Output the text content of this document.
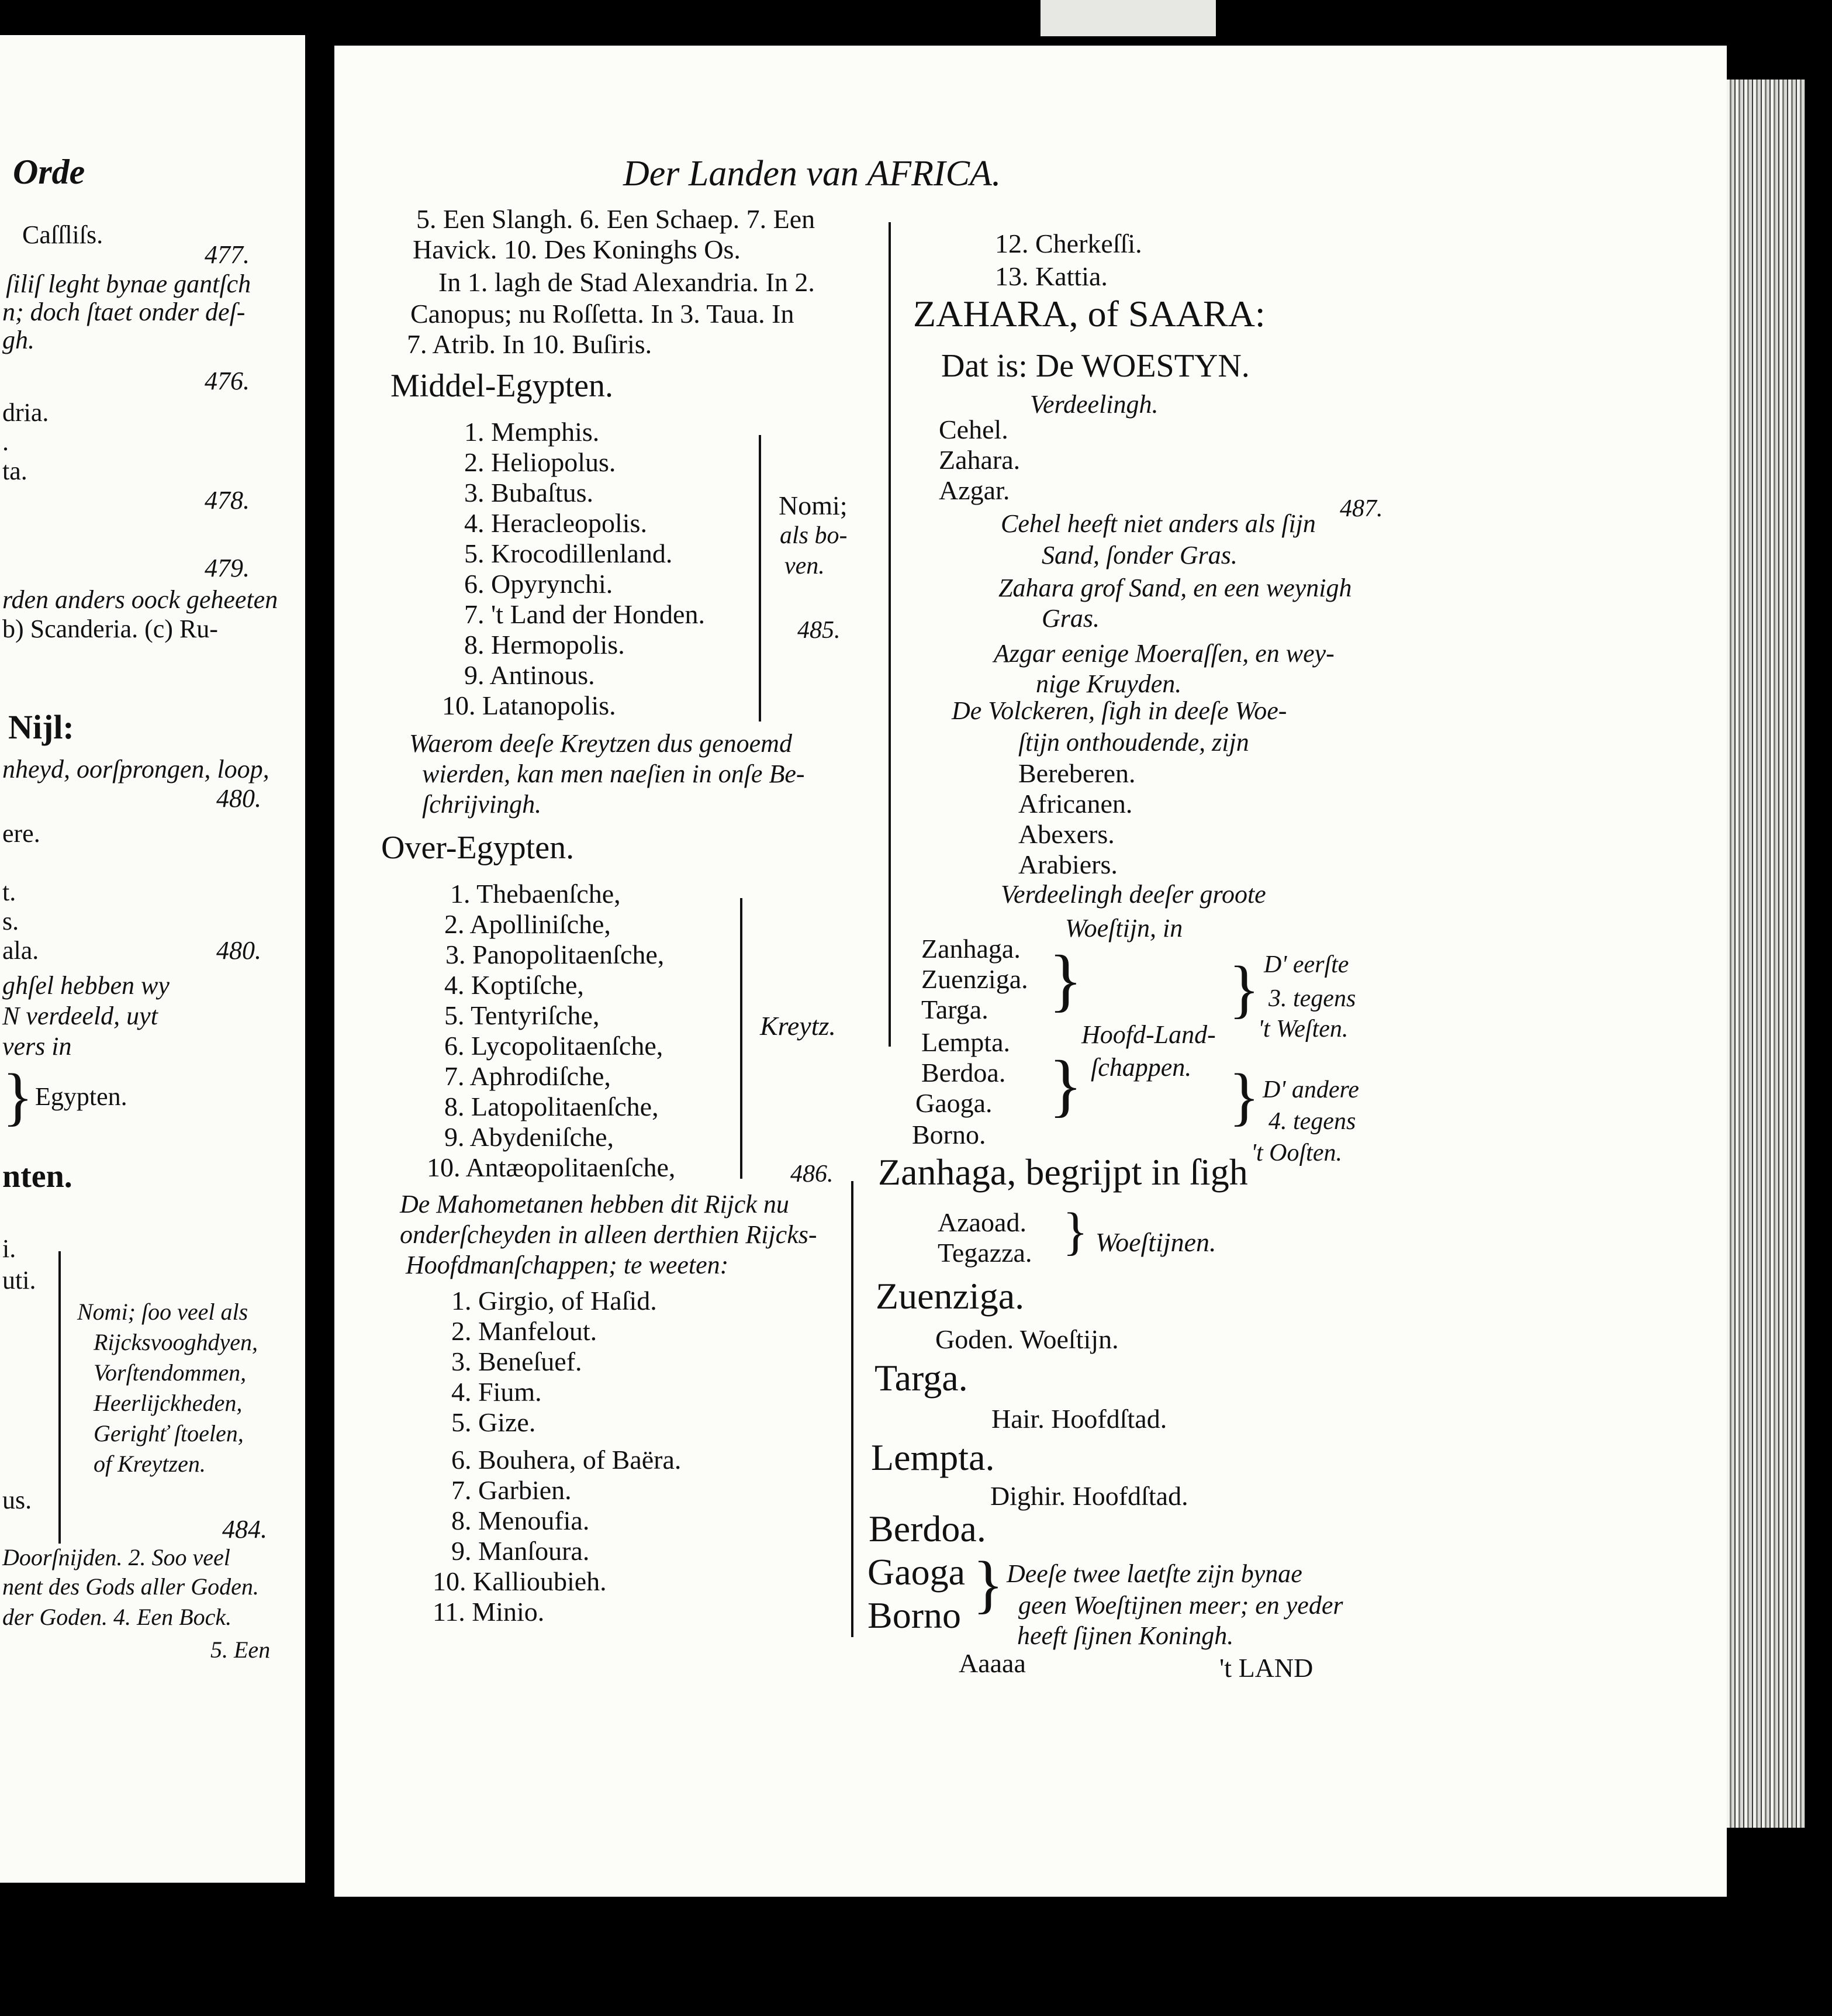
Orde
Caſſliſs.
477.
ſiliſ leght bynae gantſch
n; doch ſtaet onder deſ-
gh.
476.
dria.
.
ta.
478.
479.
rden anders oock geheeten
b) Scanderia. (c) Ru-
Nijl:
nheyd, oorſprongen, loop,
480.
ere.
t.
s.
ala.	480.
ghſel hebben wy
N verdeeld, uyt
vers in
} Egypten.
nten.
i.
uti.
Nomi; ſoo veel als
Rijcksvooghdyen,
Vorſtendommen,
Heerlijckheden,
Gerighť ſtoelen,
of Kreytzen.
us.
484.
Doorſnijden. 2. Soo veel
nent des Gods aller Goden.
der Goden. 4. Een Bock.
5. Een
Der Landen van AFRICA.
5. Een Slangh. 6. Een Schaep. 7. Een
Havick. 10. Des Koninghs Os.
In 1. lagh de Stad Alexandria. In 2.
Canopus; nu Roſſetta. In 3. Taua. In
7. Atrib. In 10. Buſiris.
Middel-Egypten.
1. Memphis.
2. Heliopolus.
3. Bubaſtus.
4. Heracleopolis.
5. Krocodillenland.
6. Opyrynchi.
7. 't Land der Honden.
8. Hermopolis.
9. Antinous.
10. Latanopolis.
Nomi;
als bo-
ven.
485.
Waerom deeſe Kreytzen dus genoemd
wierden, kan men naeſien in onſe Be-
ſchrijvingh.
Over-Egypten.
1. Thebaenſche,
2. Apolliniſche,
3. Panopolitaenſche,
4. Koptiſche,
5. Tentyriſche,
6. Lycopolitaenſche,
7. Aphrodiſche,
8. Latopolitaenſche,
9. Abydeniſche,
10. Antæopolitaenſche,
Kreytz.
486.
De Mahometanen hebben dit Rijck nu
onderſcheyden in alleen derthien Rijcks-
Hoofdmanſchappen; te weeten:
1. Girgio, of Haſid.
2. Manfelout.
3. Beneſuef.
4. Fium.
5. Gize.
6. Bouhera, of Baëra.
7. Garbien.
8. Menoufia.
9. Manſoura.
10. Kallioubieh.
11. Minio.
12. Cherkeſſi.
13. Kattia.
ZAHARA, of SAARA:
Dat is: De WOESTYN.
Verdeelingh.
Cehel.
Zahara.
Azgar.
487.
Cehel heeft niet anders als ſijn
Sand, ſonder Gras.
Zahara grof Sand, en een weynigh
Gras.
Azgar eenige Moeraſſen, en wey-
nige Kruyden.
De Volckeren, ſigh in deeſe Woe-
ſtijn onthoudende, zijn
Bereberen.
Africanen.
Abexers.
Arabiers.
Verdeelingh deeſer groote
Woeſtijn, in
Zanhaga.
Zuenziga.
Targa.
Lempta.
Berdoa.
Gaoga.
Borno.
}
}
Hoofd-Land-
ſchappen.
}
}
D' eerſte
3. tegens
't Weſten.
D' andere
4. tegens
't Ooſten.
Zanhaga, begrijpt in ſigh
Azaoad.
Tegazza. } Woeſtijnen.
Zuenziga.
Goden. Woeſtijn.
Targa.
Hair. Hoofdſtad.
Lempta.
Dighir. Hoofdſtad.
Berdoa.
Gaoga
Borno } Deeſe twee laetſte zijn bynae
geen Woeſtijnen meer; en yeder
heeft ſijnen Koningh.
Aaaaa	't LAND
